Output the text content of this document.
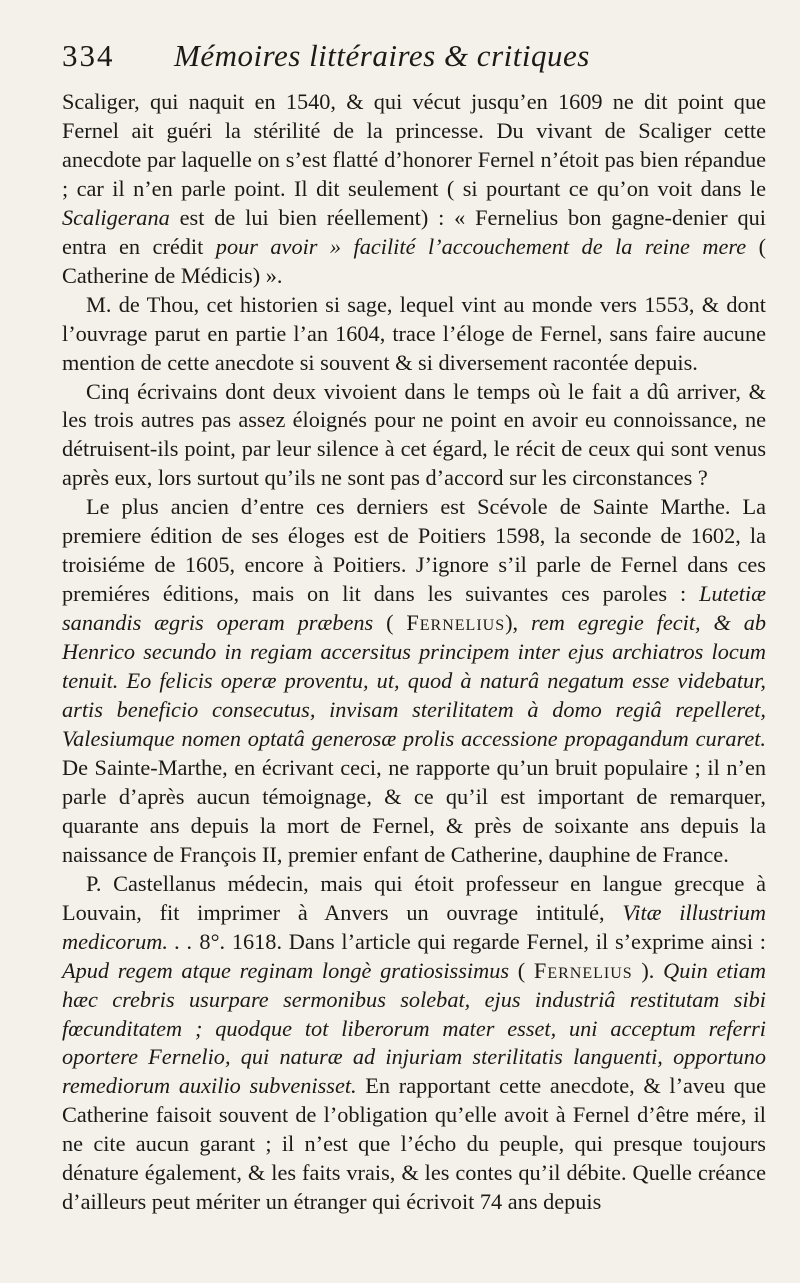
334	Mémoires littéraires & critiques

Scaliger, qui naquit en 1540, & qui vécut jusqu’en 1609 ne dit point que Fernel ait guéri la stérilité de la princesse. Du vivant de Scaliger cette anecdote par laquelle on s’est flatté d’honorer Fernel n’étoit pas bien répandue ; car il n’en parle point. Il dit seulement ( si pourtant ce qu’on voit dans le Scaligerana est de lui bien réellement) : « Fernelius bon gagne-denier qui entra en crédit pour avoir » facilité l’accouchement de la reine mere ( Catherine de Médicis) ».

M. de Thou, cet historien si sage, lequel vint au monde vers 1553, & dont l’ouvrage parut en partie l’an 1604, trace l’éloge de Fernel, sans faire aucune mention de cette anecdote si souvent & si diversement racontée depuis.

Cinq écrivains dont deux vivoient dans le temps où le fait a dû arriver, & les trois autres pas assez éloignés pour ne point en avoir eu connoissance, ne détruisent-ils point, par leur silence à cet égard, le récit de ceux qui sont venus après eux, lors surtout qu’ils ne sont pas d’accord sur les circonstances ?

Le plus ancien d’entre ces derniers est Scévole de Sainte Marthe. La premiere édition de ses éloges est de Poitiers 1598, la seconde de 1602, la troisiéme de 1605, encore à Poitiers. J’ignore s’il parle de Fernel dans ces premiéres éditions, mais on lit dans les suivantes ces paroles : Lutetiæ sanandis ægris operam præbens ( Fernelius), rem egregie fecit, & ab Henrico secundo in regiam accersitus principem inter ejus archiatros locum tenuit. Eo felicis operæ proventu, ut, quod à naturâ negatum esse videbatur, artis beneficio consecutus, invisam sterilitatem à domo regiâ repelleret, Valesiumque nomen optatâ generosæ prolis accessione propagandum curaret. De Sainte-Marthe, en écrivant ceci, ne rapporte qu’un bruit populaire ; il n’en parle d’après aucun témoignage, & ce qu’il est important de remarquer, quarante ans depuis la mort de Fernel, & près de soixante ans depuis la naissance de François II, premier enfant de Catherine, dauphine de France.

P. Castellanus médecin, mais qui étoit professeur en langue grecque à Louvain, fit imprimer à Anvers un ouvrage intitulé, Vitæ illustrium medicorum. . . 8°. 1618. Dans l’article qui regarde Fernel, il s’exprime ainsi : Apud regem atque reginam longè gratiosissimus ( Fernelius ). Quin etiam hæc crebris usurpare sermonibus solebat, ejus industriâ restitutam sibi fœcunditatem ; quodque tot liberorum mater esset, uni acceptum referri oportere Fernelio, qui naturæ ad injuriam sterilitatis languenti, opportuno remediorum auxilio subvenisset. En rapportant cette anecdote, & l’aveu que Catherine faisoit souvent de l’obligation qu’elle avoit à Fernel d’être mére, il ne cite aucun garant ; il n’est que l’écho du peuple, qui presque toujours dénature également, & les faits vrais, & les contes qu’il débite. Quelle créance d’ailleurs peut mériter un étranger qui écrivoit 74 ans depuis
